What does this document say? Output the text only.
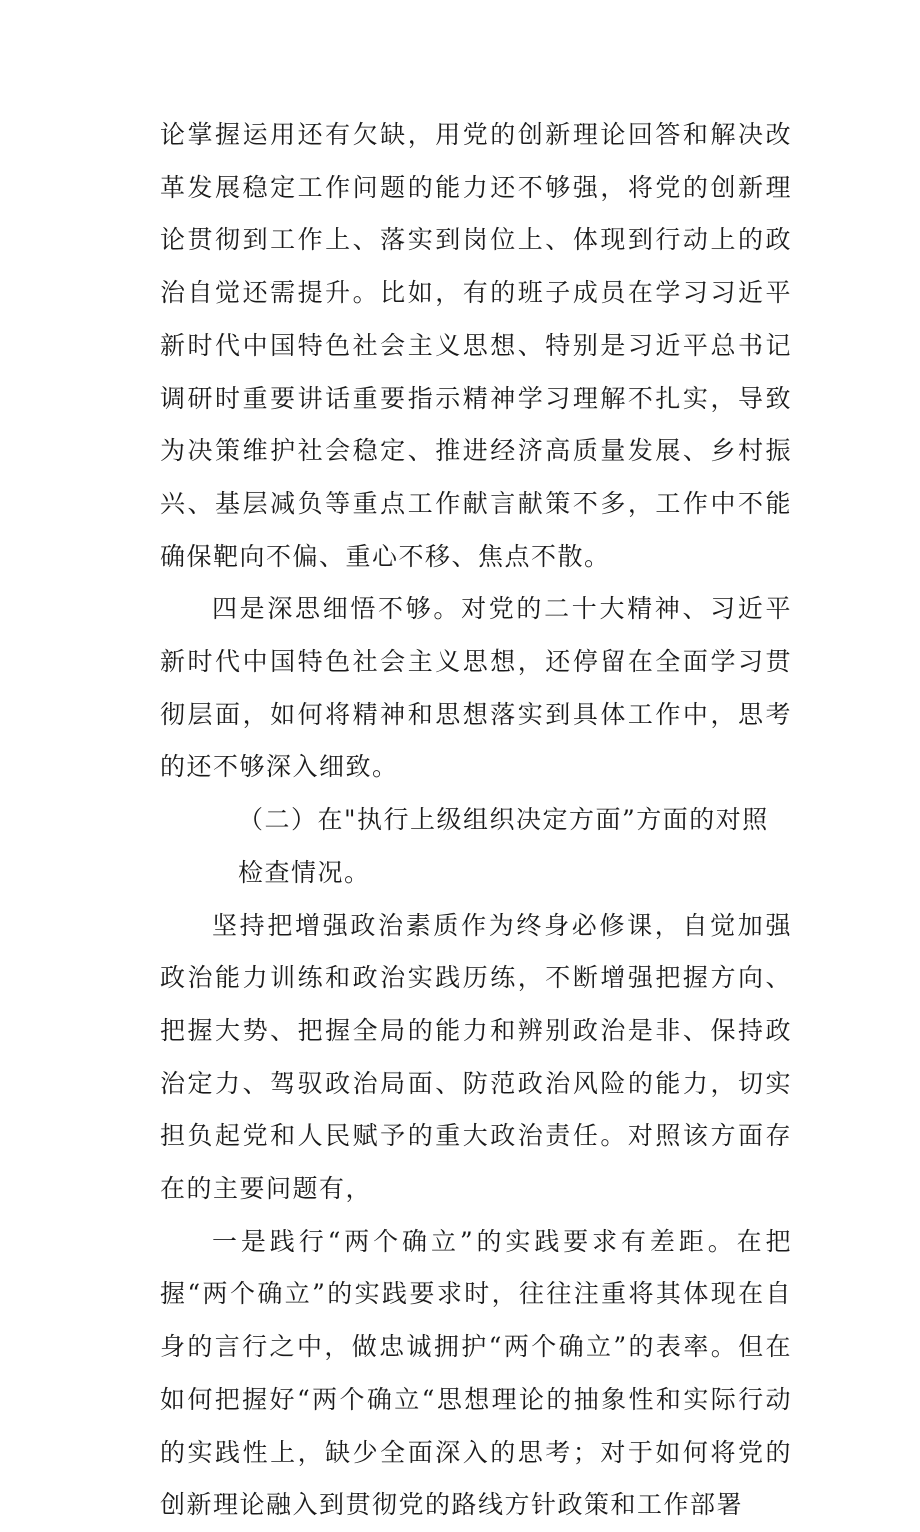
论掌握运用还有欠缺，用党的创新理论回答和解决改革发展稳定工作问题的能力还不够强，将党的创新理论贯彻到工作上、落实到岗位上、体现到行动上的政治自觉还需提升。比如，有的班子成员在学习习近平新时代中国特色社会主义思想、特别是习近平总书记调研时重要讲话重要指示精神学习理解不扎实，导致为决策维护社会稳定、推进经济高质量发展、乡村振兴、基层减负等重点工作献言献策不多，工作中不能确保靶向不偏、重心不移、焦点不散。

四是深思细悟不够。对党的二十大精神、习近平新时代中国特色社会主义思想，还停留在全面学习贯彻层面，如何将精神和思想落实到具体工作中，思考的还不够深入细致。

（二）在"执行上级组织决定方面”方面的对照检查情况。

坚持把增强政治素质作为终身必修课，自觉加强政治能力训练和政治实践历练，不断增强把握方向、把握大势、把握全局的能力和辨别政治是非、保持政治定力、驾驭政治局面、防范政治风险的能力，切实担负起党和人民赋予的重大政治责任。对照该方面存在的主要问题有，

一是践行“两个确立”的实践要求有差距。在把握“两个确立”的实践要求时，往往注重将其体现在自身的言行之中，做忠诚拥护“两个确立”的表率。但在如何把握好“两个确立“思想理论的抽象性和实际行动的实践性上，缺少全面深入的思考；对于如何将党的创新理论融入到贯彻党的路线方针政策和工作部署
